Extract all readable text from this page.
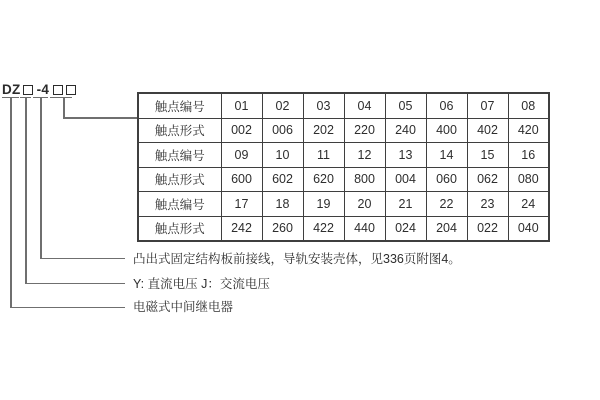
DZ -4
触点编号	01	02	03	04	05	06	07	08
触点形式	002	006	202	220	240	400	402	420
触点编号	09	10	11	12	13	14	15	16
触点形式	600	602	620	800	004	060	062	080
触点编号	17	18	19	20	21	22	23	24
触点形式	242	260	422	440	024	204	022	040
凸出式固定结构板前接线，导轨安装壳体，见336页附图4。
Y: 直流电压 J：交流电压
电磁式中间继电器
